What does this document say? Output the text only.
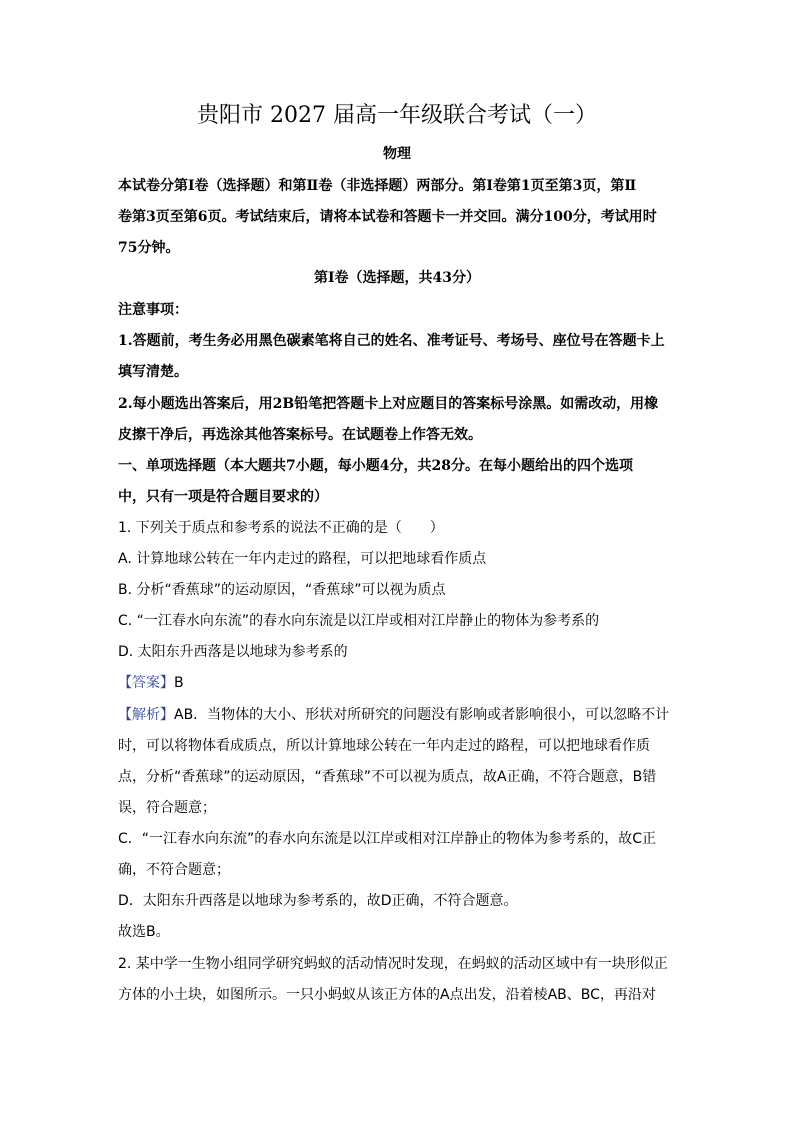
贵阳市 2027 届高一年级联合考试（一）
物理
本试卷分第Ⅰ卷（选择题）和第Ⅱ卷（非选择题）两部分。第Ⅰ卷第1页至第3页，第Ⅱ
卷第3页至第6页。考试结束后，请将本试卷和答题卡一并交回。满分100分，考试用时
75分钟。
第Ⅰ卷（选择题，共43分）
注意事项：
1.答题前，考生务必用黑色碳素笔将自己的姓名、准考证号、考场号、座位号在答题卡上
填写清楚。
2.每小题选出答案后，用2B铅笔把答题卡上对应题目的答案标号涂黑。如需改动，用橡
皮擦干净后，再选涂其他答案标号。在试题卷上作答无效。
一、单项选择题（本大题共7小题，每小题4分，共28分。在每小题给出的四个选项
中，只有一项是符合题目要求的）
1. 下列关于质点和参考系的说法不正确的是（　　）
A. 计算地球公转在一年内走过的路程，可以把地球看作质点
B. 分析“香蕉球”的运动原因，“香蕉球”可以视为质点
C. “一江春水向东流”的春水向东流是以江岸或相对江岸静止的物体为参考系的
D. 太阳东升西落是以地球为参考系的
【答案】B
【解析】AB．当物体的大小、形状对所研究的问题没有影响或者影响很小，可以忽略不计
时，可以将物体看成质点，所以计算地球公转在一年内走过的路程，可以把地球看作质
点，分析“香蕉球”的运动原因，“香蕉球”不可以视为质点，故A正确，不符合题意，B错
误，符合题意；
C．“一江春水向东流”的春水向东流是以江岸或相对江岸静止的物体为参考系的，故C正
确，不符合题意；
D．太阳东升西落是以地球为参考系的，故D正确，不符合题意。
故选B。
2. 某中学一生物小组同学研究蚂蚁的活动情况时发现，在蚂蚁的活动区域中有一块形似正
方体的小土块，如图所示。一只小蚂蚁从该正方体的A点出发，沿着棱AB、BC，再沿对
